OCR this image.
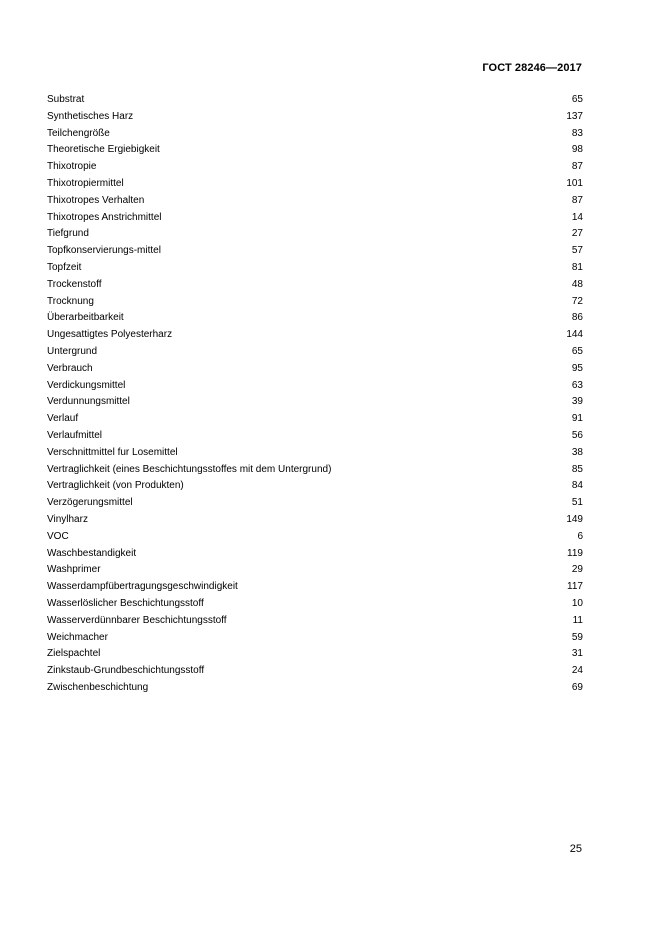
ГОСТ 28246—2017
Substrat	65
Synthetisches Harz	137
Teilchengröße	83
Theoretische Ergiebigkeit	98
Thixotropie	87
Thixotropiermittel	101
Thixotropes Verhalten	87
Thixotropes Anstrichmittel	14
Tiefgrund	27
Topfkonservierungs-mittel	57
Topfzeit	81
Trockenstoff	48
Trocknung	72
Überarbeitbarkeit	86
Ungesattigtes Polyesterharz	144
Untergrund	65
Verbrauch	95
Verdickungsmittel	63
Verdunnungsmittel	39
Verlauf	91
Verlaufmittel	56
Verschnittmittel fur Losemittel	38
Vertraglichkeit (eines Beschichtungsstoffes mit dem Untergrund)	85
Vertraglichkeit (von Produkten)	84
Verzögerungsmittel	51
Vinylharz	149
VOC	6
Waschbestandigkeit	119
Washprimer	29
Wasserdampfübertragungsgeschwindigkeit	117
Wasserlöslicher Beschichtungsstoff	10
Wasserverdünnbarer Beschichtungsstoff	11
Weichmacher	59
Zielspachtel	31
Zinkstaub-Grundbeschichtungsstoff	24
Zwischenbeschichtung	69
25
